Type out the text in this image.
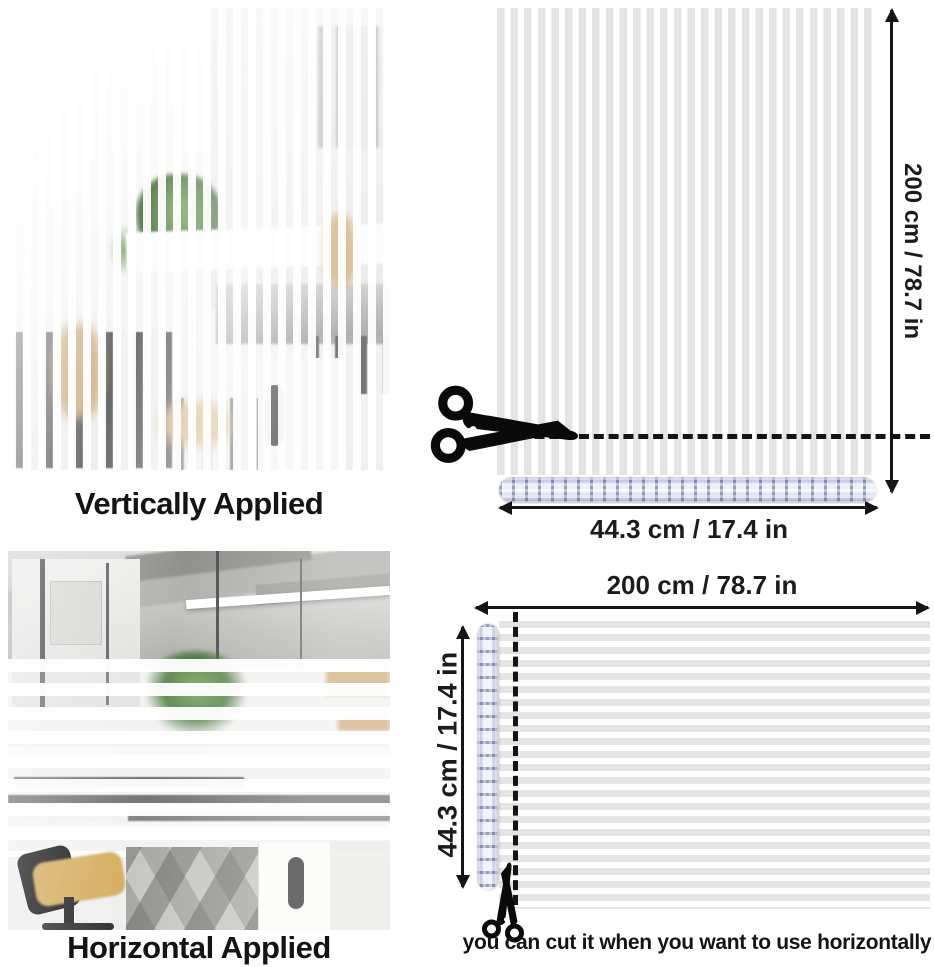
Vertically Applied
200 cm / 78.7 in
44.3 cm / 17.4 in
Horizontal Applied
200 cm / 78.7 in
44.3 cm / 17.4 in
you can cut it when you want to use horizontally
